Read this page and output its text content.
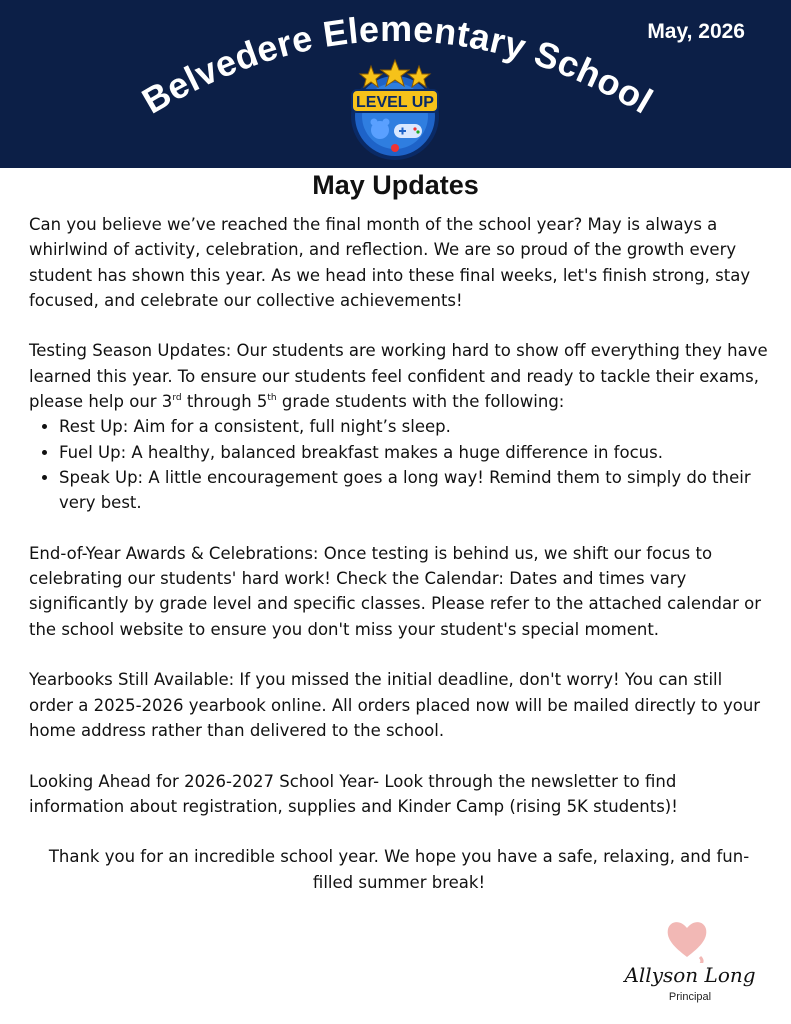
Belvedere Elementary School
May, 2026
LEVEL UP
May Updates

Can you believe we’ve reached the final month of the school year? May is always a whirlwind of activity, celebration, and reflection. We are so proud of the growth every student has shown this year. As we head into these final weeks, let's finish strong, stay focused, and celebrate our collective achievements!

Testing Season Updates: Our students are working hard to show off everything they have learned this year. To ensure our students feel confident and ready to tackle their exams, please help our 3rd through 5th grade students with the following:

• Rest Up: Aim for a consistent, full night’s sleep.
• Fuel Up: A healthy, balanced breakfast makes a huge difference in focus.
• Speak Up: A little encouragement goes a long way! Remind them to simply do their very best.

End-of-Year Awards & Celebrations: Once testing is behind us, we shift our focus to celebrating our students' hard work! Check the Calendar: Dates and times vary significantly by grade level and specific classes. Please refer to the attached calendar or the school website to ensure you don't miss your student's special moment.

Yearbooks Still Available: If you missed the initial deadline, don't worry! You can still order a 2025-2026 yearbook online. All orders placed now will be mailed directly to your home address rather than delivered to the school.

Looking Ahead for 2026-2027 School Year- Look through the newsletter to find information about registration, supplies and Kinder Camp (rising 5K students)!

Thank you for an incredible school year. We hope you have a safe, relaxing, and fun-filled summer break!

Allyson Long
Principal
